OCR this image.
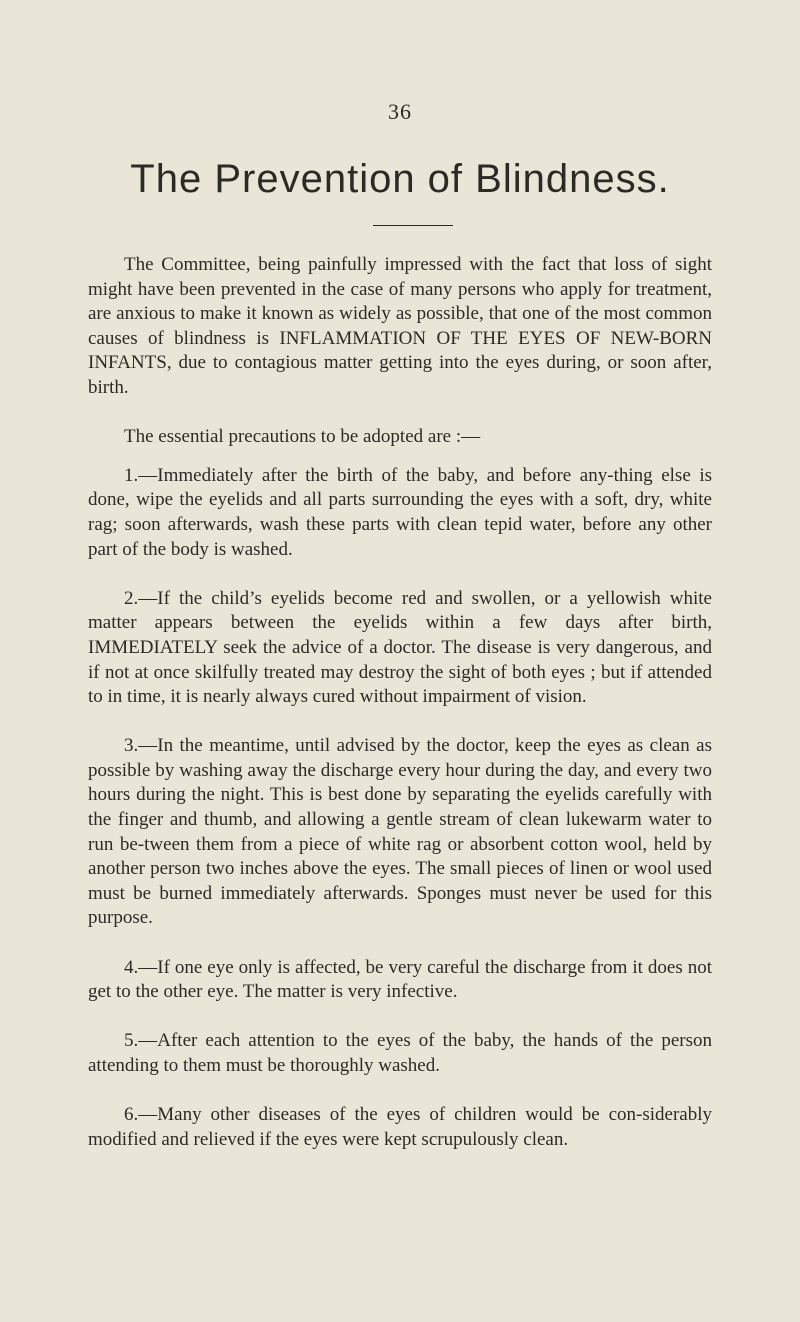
36
The Prevention of Blindness.

The Committee, being painfully impressed with the fact that loss of sight might have been prevented in the case of many persons who apply for treatment, are anxious to make it known as widely as possible, that one of the most common causes of blindness is INFLAMMATION OF THE EYES OF NEW-BORN INFANTS, due to contagious matter getting into the eyes during, or soon after, birth.

The essential precautions to be adopted are :—

1.—Immediately after the birth of the baby, and before any-thing else is done, wipe the eyelids and all parts surrounding the eyes with a soft, dry, white rag; soon afterwards, wash these parts with clean tepid water, before any other part of the body is washed.

2.—If the child’s eyelids become red and swollen, or a yellowish white matter appears between the eyelids within a few days after birth, IMMEDIATELY seek the advice of a doctor. The disease is very dangerous, and if not at once skilfully treated may destroy the sight of both eyes ; but if attended to in time, it is nearly always cured without impairment of vision.

3.—In the meantime, until advised by the doctor, keep the eyes as clean as possible by washing away the discharge every hour during the day, and every two hours during the night. This is best done by separating the eyelids carefully with the finger and thumb, and allowing a gentle stream of clean lukewarm water to run be-tween them from a piece of white rag or absorbent cotton wool, held by another person two inches above the eyes. The small pieces of linen or wool used must be burned immediately afterwards. Sponges must never be used for this purpose.

4.—If one eye only is affected, be very careful the discharge from it does not get to the other eye. The matter is very infective.

5.—After each attention to the eyes of the baby, the hands of the person attending to them must be thoroughly washed.

6.—Many other diseases of the eyes of children would be con-siderably modified and relieved if the eyes were kept scrupulously clean.
